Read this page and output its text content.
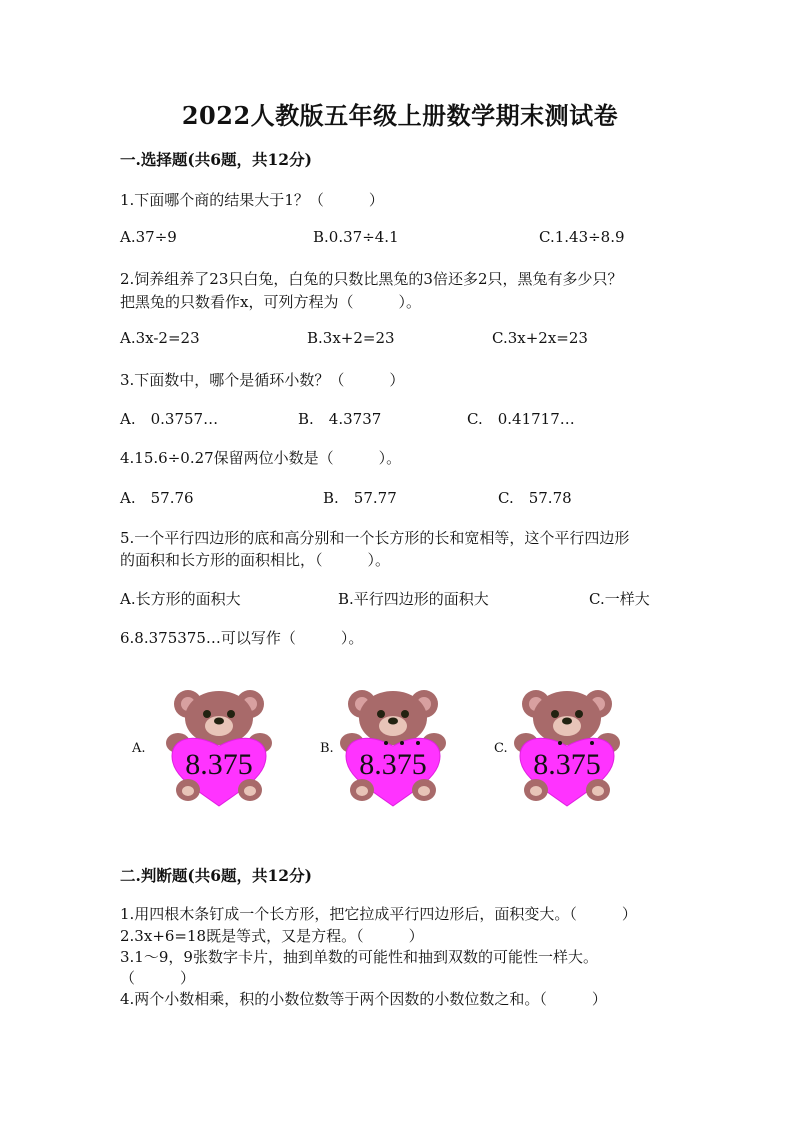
2022人教版五年级上册数学期末测试卷
一.选择题(共6题，共12分)
1.下面哪个商的结果大于1？（　　　）
A.37÷9	B.0.37÷4.1	C.1.43÷8.9
2.饲养组养了23只白兔，白兔的只数比黑兔的3倍还多2只，黑兔有多少只？
把黑兔的只数看作x，可列方程为（　　　）。
A.3x-2=23	B.3x+2=23	C.3x+2x=23
3.下面数中，哪个是循环小数？（　　　）
A.　0.3757…	B.　4.3737	C.　0.41717…
4.15.6÷0.27保留两位小数是（　　　）。
A.　57.76	B.　57.77	C.　57.78
5.一个平行四边形的底和高分别和一个长方形的长和宽相等，这个平行四边形
的面积和长方形的面积相比，（　　　）。
A.长方形的面积大	B.平行四边形的面积大	C.一样大
6.8.375375…可以写作（　　　）。
A.	B.	C.
8.375	8.375	8.375
二.判断题(共6题，共12分)
1.用四根木条钉成一个长方形，把它拉成平行四边形后，面积变大。（　　　）
2.3x+6=18既是等式，又是方程。（　　　）
3.1～9，9张数字卡片，抽到单数的可能性和抽到双数的可能性一样大。
（　　　）
4.两个小数相乘，积的小数位数等于两个因数的小数位数之和。（　　　）
